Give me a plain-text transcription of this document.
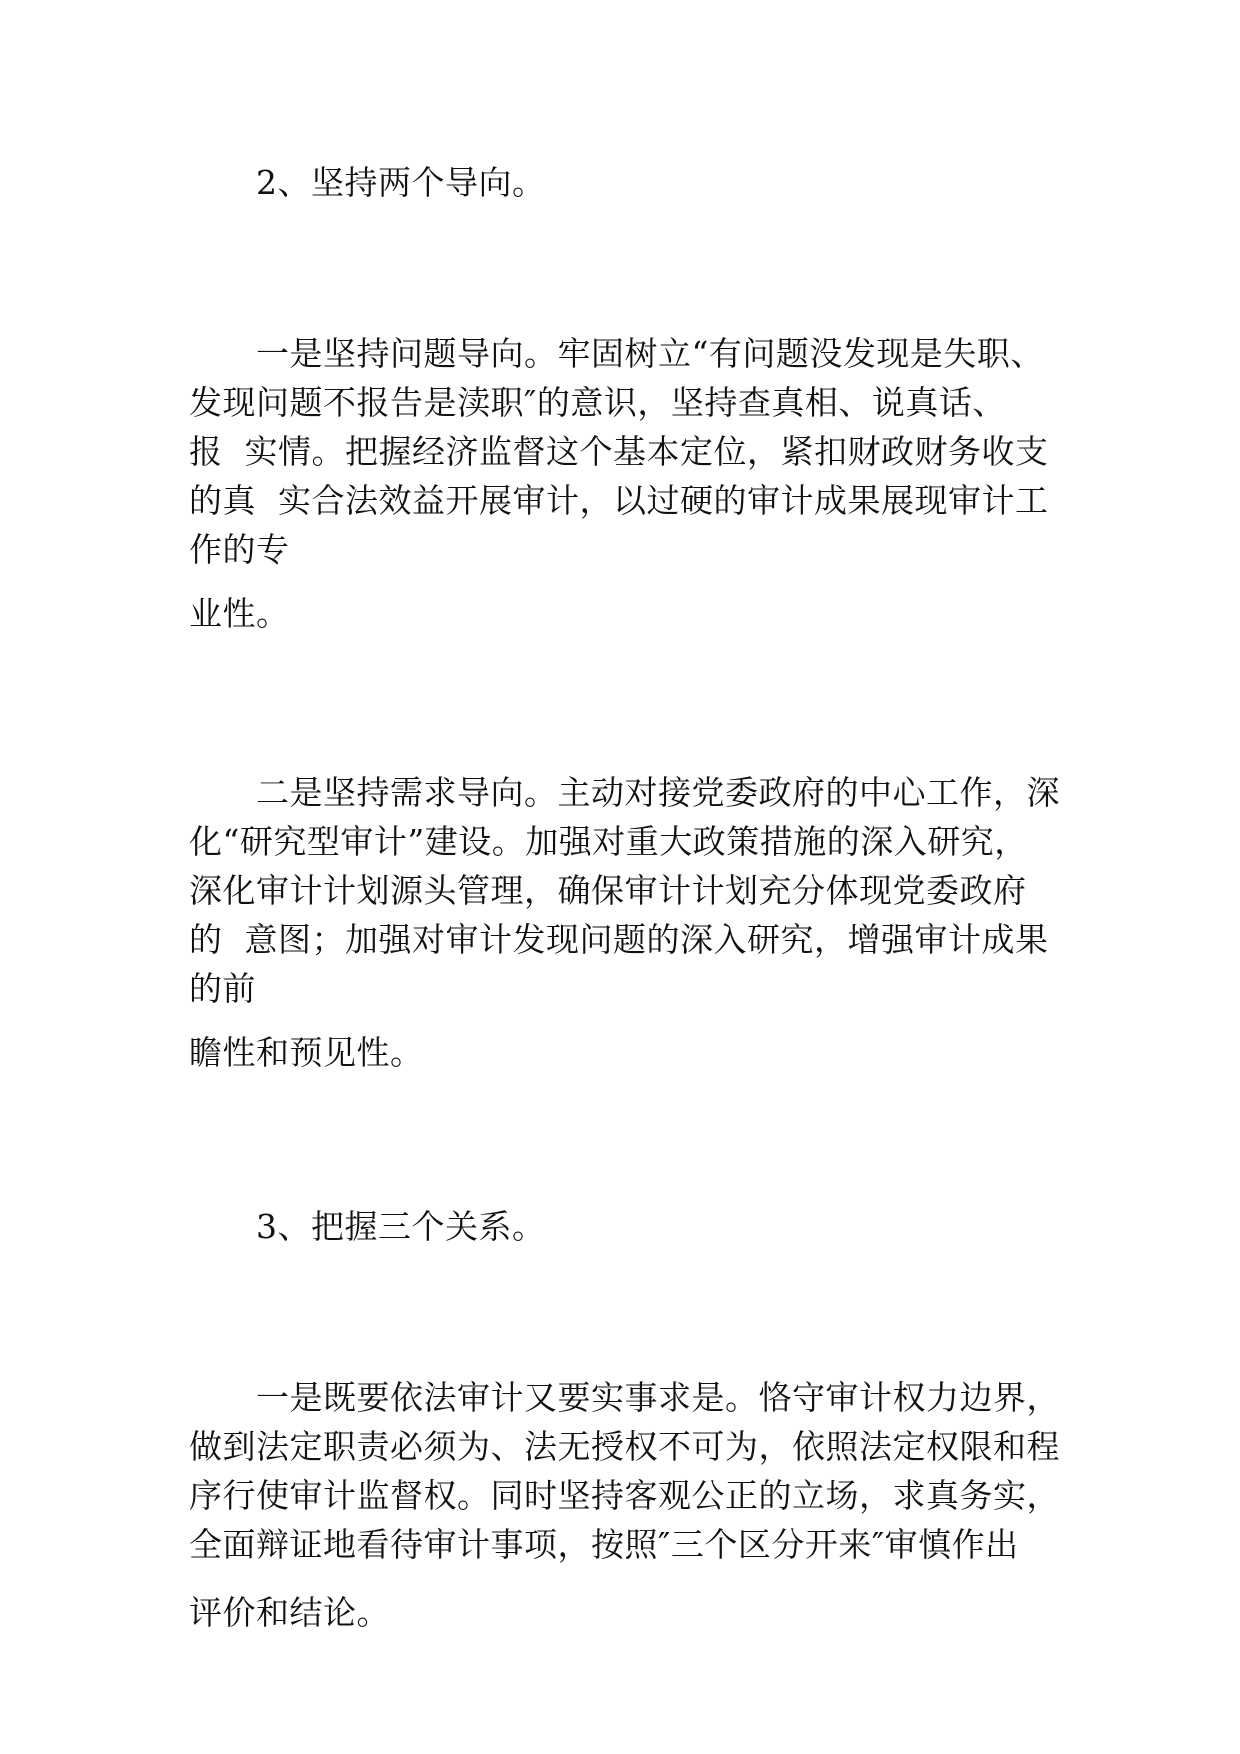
2、坚持两个导向。
一是坚持问题导向。牢固树立“有问题没发现是失职、
发现问题不报告是渎职″的意识，坚持查真相、说真话、
报  实情。把握经济监督这个基本定位，紧扣财政财务收支
的真  实合法效益开展审计，以过硬的审计成果展现审计工
作的专
业性。
二是坚持需求导向。主动对接党委政府的中心工作，深
化“研究型审计”建设。加强对重大政策措施的深入研究，
深化审计计划源头管理，确保审计计划充分体现党委政府
的  意图；加强对审计发现问题的深入研究，增强审计成果
的前
瞻性和预见性。
3、把握三个关系。
一是既要依法审计又要实事求是。恪守审计权力边界，
做到法定职责必须为、法无授权不可为，依照法定权限和程
序行使审计监督权。同时坚持客观公正的立场，求真务实，
全面辩证地看待审计事项，按照″三个区分开来″审慎作出
评价和结论。
